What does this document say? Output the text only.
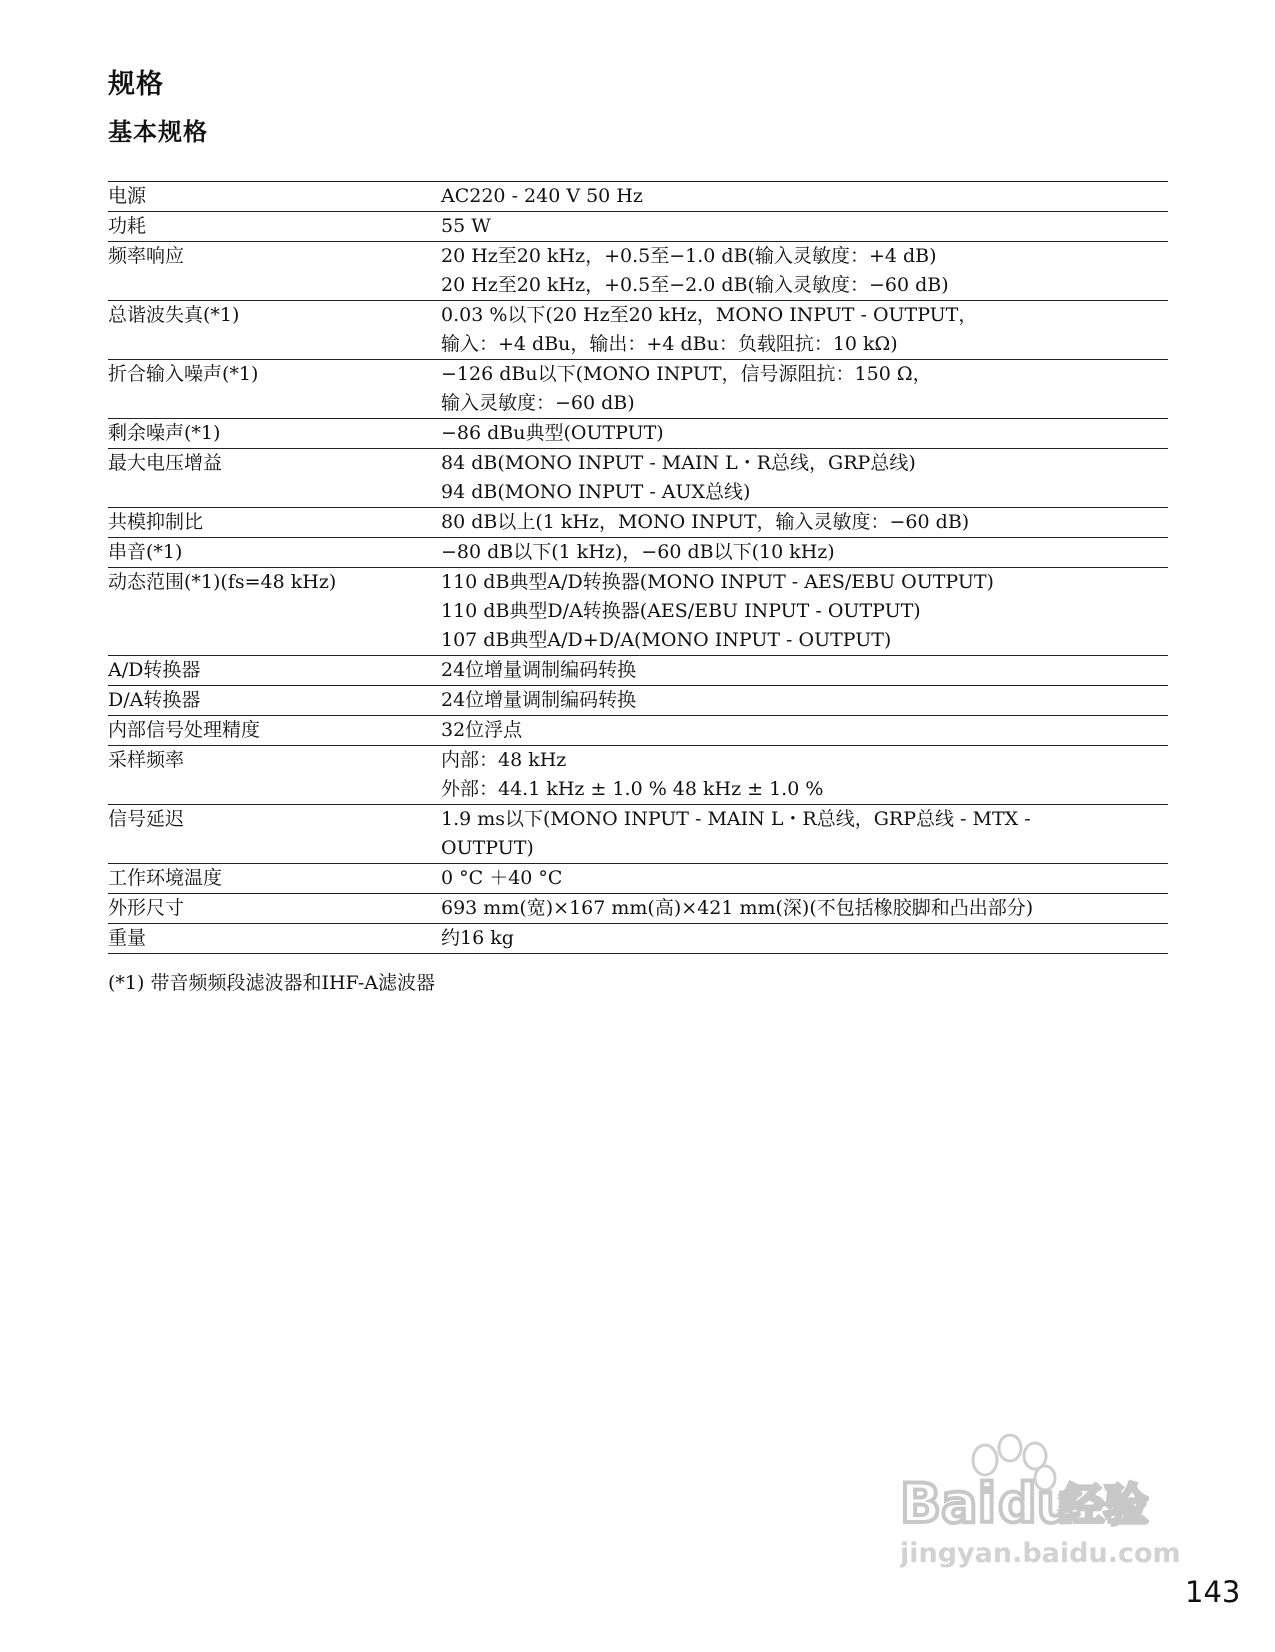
规格
基本规格
电源	AC220 - 240 V 50 Hz
功耗	55 W
频率响应	20 Hz至20 kHz，+0.5至−1.0 dB(输入灵敏度：+4 dB)
20 Hz至20 kHz，+0.5至−2.0 dB(输入灵敏度：−60 dB)
总谐波失真(*1)	0.03 %以下(20 Hz至20 kHz，MONO INPUT - OUTPUT，
输入：+4 dBu，输出：+4 dBu：负载阻抗：10 kΩ)
折合输入噪声(*1)	−126 dBu以下(MONO INPUT，信号源阻抗：150 Ω，
输入灵敏度：−60 dB)
剩余噪声(*1)	−86 dBu典型(OUTPUT)
最大电压增益	84 dB(MONO INPUT - MAIN L・R总线，GRP总线)
94 dB(MONO INPUT - AUX总线)
共模抑制比	80 dB以上(1 kHz，MONO INPUT，输入灵敏度：−60 dB)
串音(*1)	−80 dB以下(1 kHz)，−60 dB以下(10 kHz)
动态范围(*1)(fs=48 kHz)	110 dB典型A/D转换器(MONO INPUT - AES/EBU OUTPUT)
110 dB典型D/A转换器(AES/EBU INPUT - OUTPUT)
107 dB典型A/D+D/A(MONO INPUT - OUTPUT)
A/D转换器	24位增量调制编码转换
D/A转换器	24位增量调制编码转换
内部信号处理精度	32位浮点
采样频率	内部：48 kHz
外部：44.1 kHz ± 1.0 % 48 kHz ± 1.0 %
信号延迟	1.9 ms以下(MONO INPUT - MAIN L・R总线，GRP总线 - MTX -
OUTPUT)
工作环境温度	0 °C ＋40 °C
外形尺寸	693 mm(宽)×167 mm(高)×421 mm(深)(不包括橡胶脚和凸出部分)
重量	约16 kg
(*1) 带音频频段滤波器和IHF-A滤波器
Bai du
经验
jingyan.baidu.com
143
